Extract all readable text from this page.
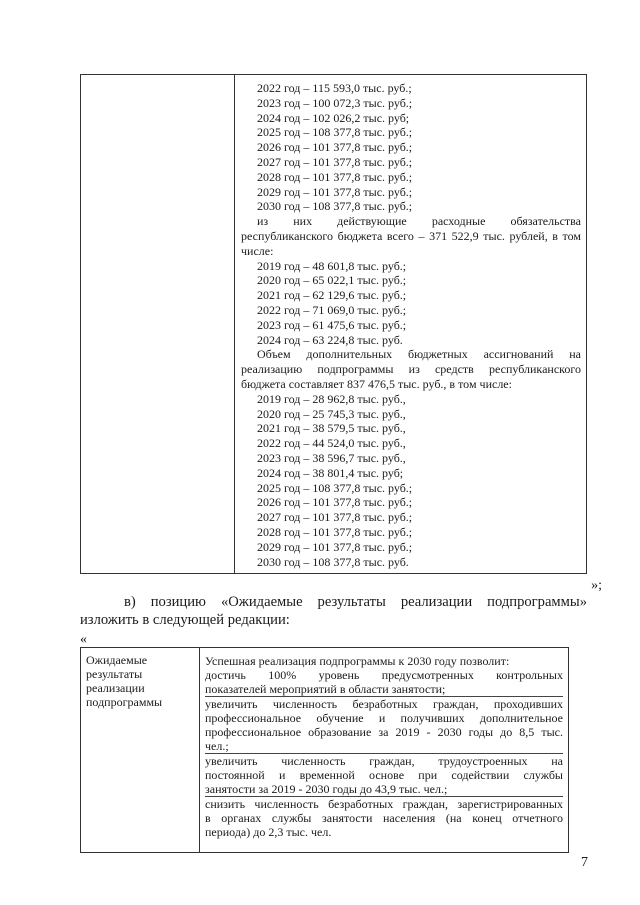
2022 год – 115 593,0 тыс. руб.;
2023 год – 100 072,3 тыс. руб.;
2024 год – 102 026,2 тыс. руб;
2025 год – 108 377,8 тыс. руб.;
2026 год – 101 377,8 тыс. руб.;
2027 год – 101 377,8 тыс. руб.;
2028 год – 101 377,8 тыс. руб.;
2029 год – 101 377,8 тыс. руб.;
2030 год – 108 377,8 тыс. руб.;
из них действующие расходные обязательства
республиканского бюджета всего – 371 522,9 тыс. рублей, в том
числе:
2019 год – 48 601,8 тыс. руб.;
2020 год – 65 022,1 тыс. руб.;
2021 год – 62 129,6 тыс. руб.;
2022 год – 71 069,0 тыс. руб.;
2023 год – 61 475,6 тыс. руб.;
2024 год – 63 224,8 тыс. руб.
Объем дополнительных бюджетных ассигнований на
реализацию подпрограммы из средств республиканского
бюджета составляет 837 476,5 тыс. руб., в том числе:
2019 год – 28 962,8 тыс. руб.,
2020 год – 25 745,3 тыс. руб.,
2021 год – 38 579,5 тыс. руб.,
2022 год – 44 524,0 тыс. руб.,
2023 год – 38 596,7 тыс. руб.,
2024 год – 38 801,4 тыс. руб;
2025 год – 108 377,8 тыс. руб.;
2026 год – 101 377,8 тыс. руб.;
2027 год – 101 377,8 тыс. руб.;
2028 год – 101 377,8 тыс. руб.;
2029 год – 101 377,8 тыс. руб.;
2030 год – 108 377,8 тыс. руб.
»;
в) позицию «Ожидаемые результаты реализации подпрограммы»
изложить в следующей редакции:
«
Ожидаемые
результаты
реализации
подпрограммы
Успешная реализация подпрограммы к 2030 году позволит:
достичь 100% уровень предусмотренных контрольных
показателей мероприятий в области занятости;
увеличить численность безработных граждан, проходивших
профессиональное обучение и получивших дополнительное
профессиональное образование за 2019 - 2030 годы до 8,5 тыс.
чел.;
увеличить численность граждан, трудоустроенных на
постоянной и временной основе при содействии службы
занятости за 2019 - 2030 годы до 43,9 тыс. чел.;
снизить численность безработных граждан, зарегистрированных
в органах службы занятости населения (на конец отчетного
периода) до 2,3 тыс. чел.
7
